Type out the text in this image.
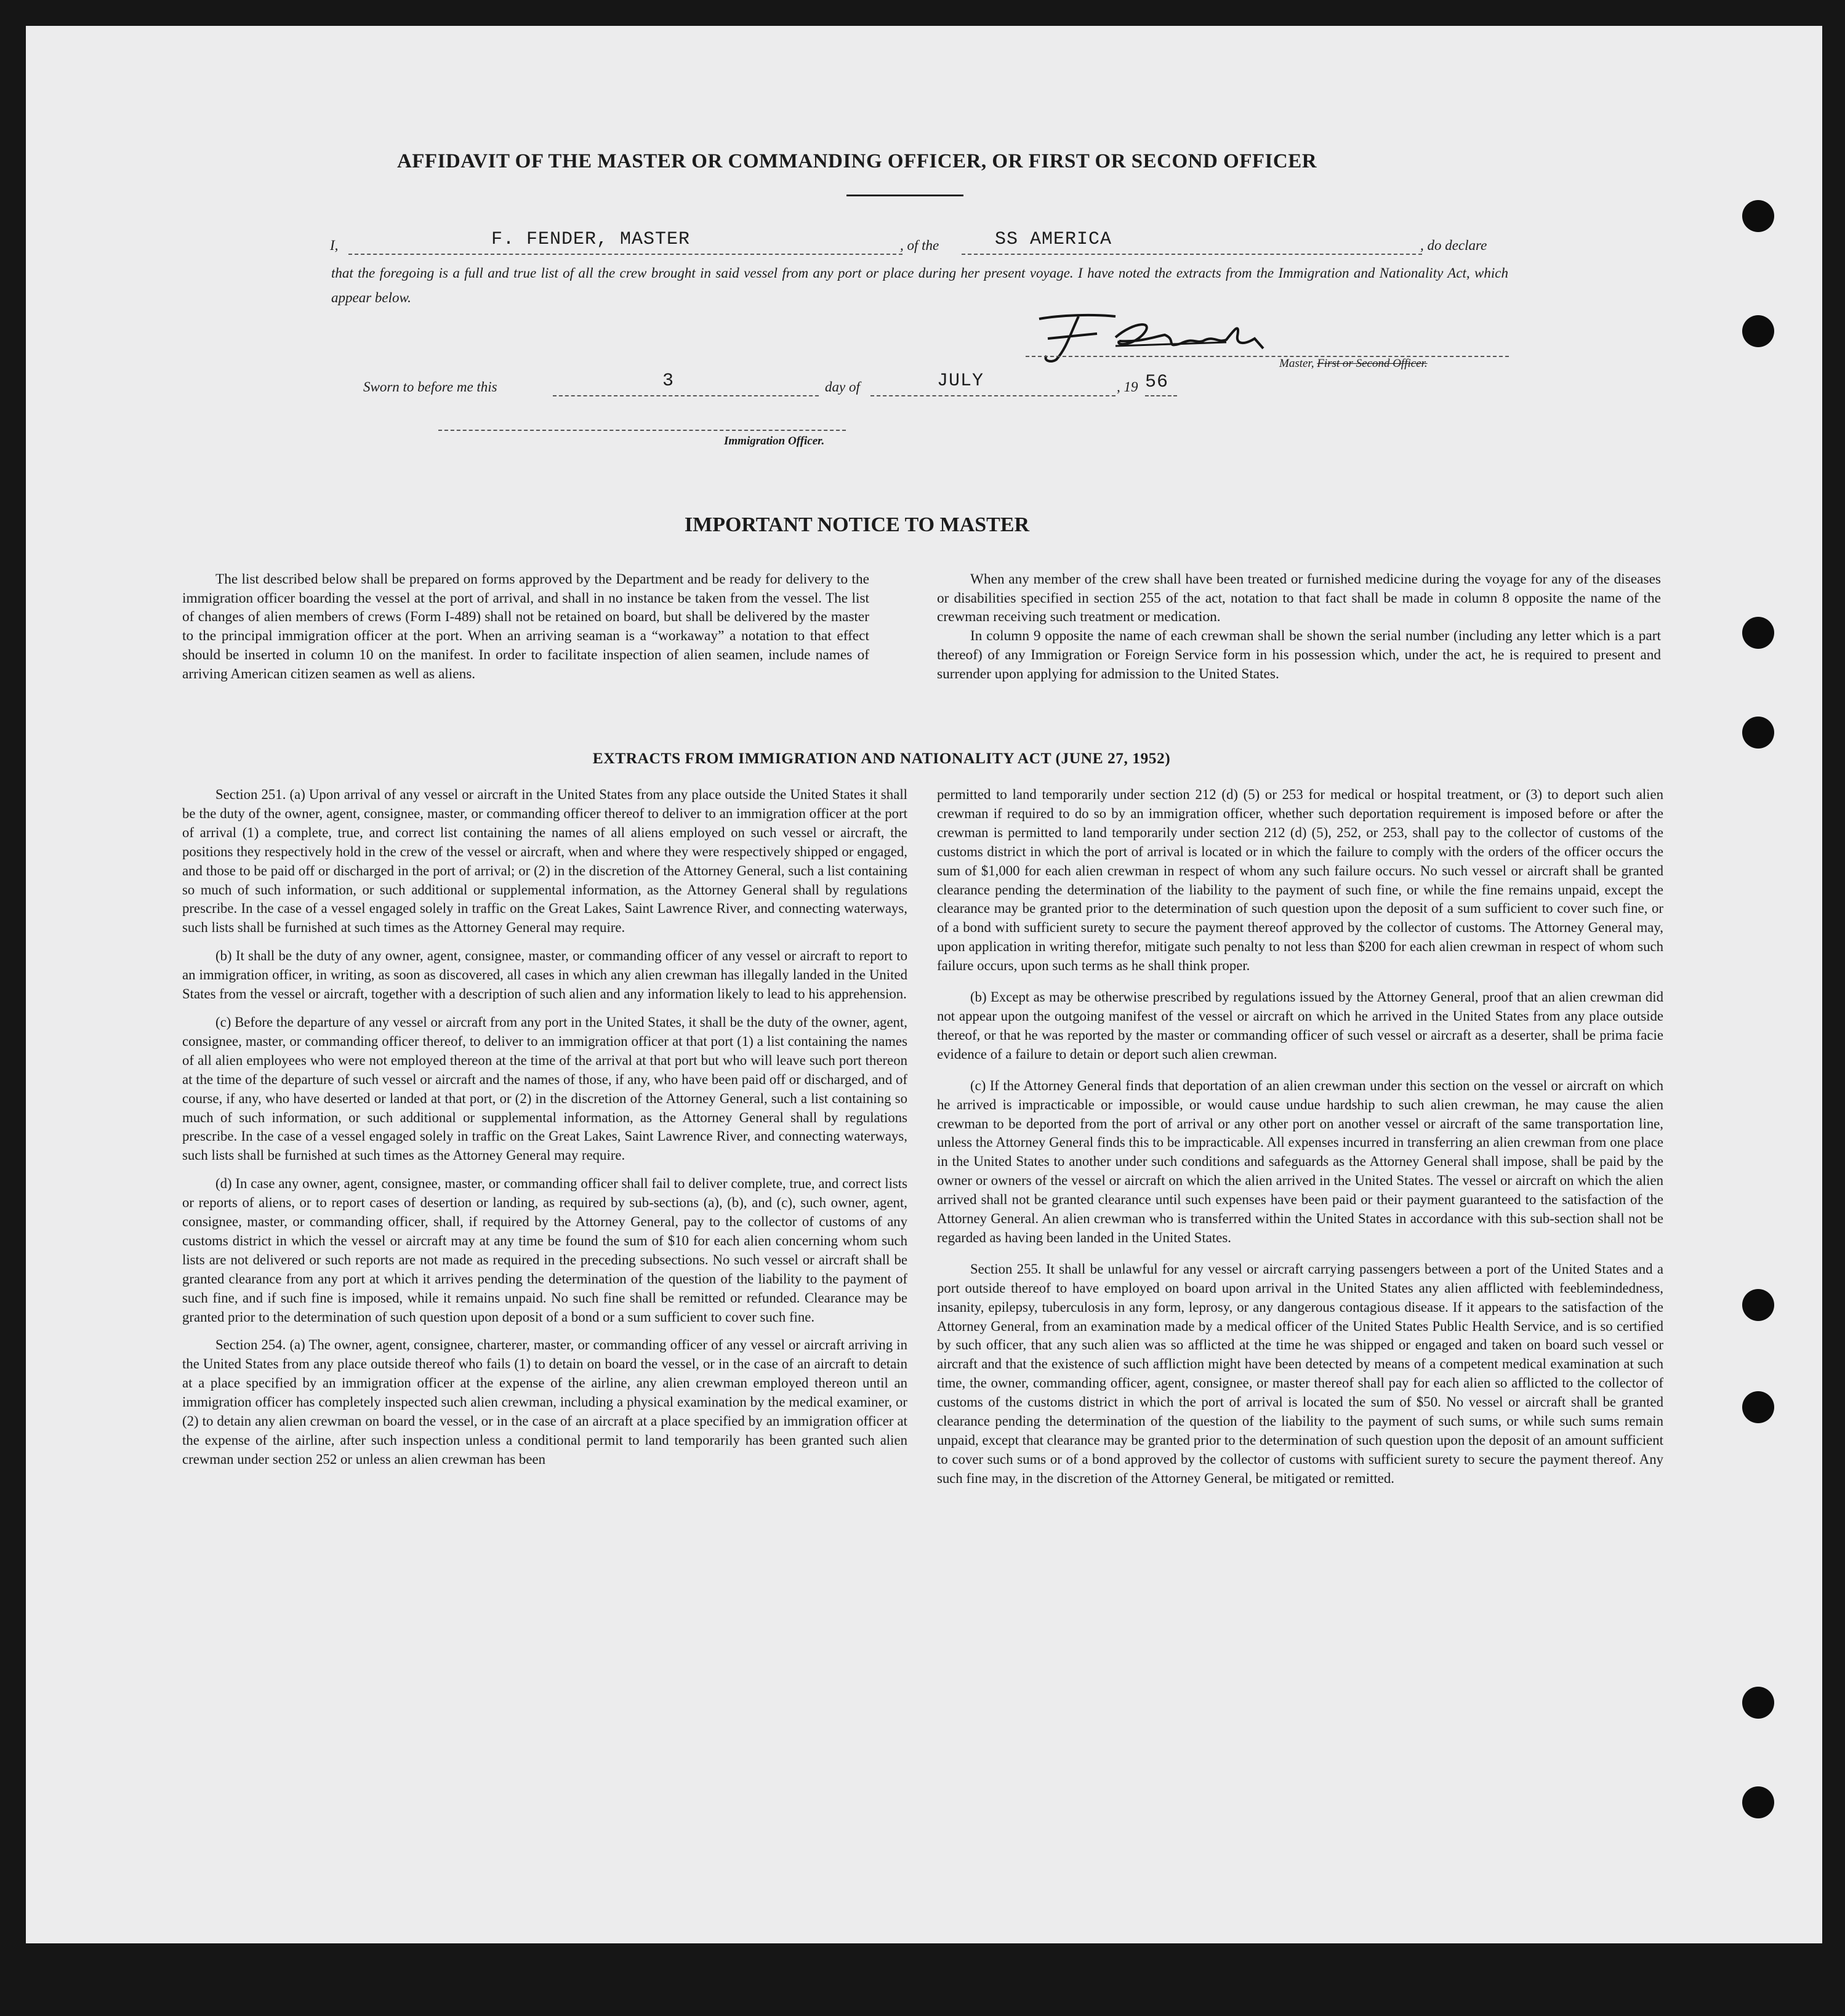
AFFIDAVIT OF THE MASTER OR COMMANDING OFFICER, OR FIRST OR SECOND OFFICER
I,	F. FENDER, MASTER	, of the	SS AMERICA	, do declare
that the foregoing is a full and true list of all the crew brought in said vessel from any port or place during her present voyage. I have noted the extracts from the Immigration and Nationality Act, which appear below.
Master, First or Second Officer.
Sworn to before me this	3	day of	JULY	, 19 56
Immigration Officer.
IMPORTANT NOTICE TO MASTER

The list described below shall be prepared on forms approved by the Department and be ready for delivery to the immigration officer boarding the vessel at the port of arrival, and shall in no instance be taken from the vessel. The list of changes of alien members of crews (Form I-489) shall not be retained on board, but shall be delivered by the master to the principal immigration officer at the port. When an arriving seaman is a “workaway” a notation to that effect should be inserted in column 10 on the manifest. In order to facilitate inspection of alien seamen, include names of arriving American citizen seamen as well as aliens.

When any member of the crew shall have been treated or furnished medicine during the voyage for any of the diseases or disabilities specified in section 255 of the act, notation to that fact shall be made in column 8 opposite the name of the crewman receiving such treatment or medication.

In column 9 opposite the name of each crewman shall be shown the serial number (including any letter which is a part thereof) of any Immigration or Foreign Service form in his possession which, under the act, he is required to present and surrender upon applying for admission to the United States.

EXTRACTS FROM IMMIGRATION AND NATIONALITY ACT (JUNE 27, 1952)

Section 251. (a) Upon arrival of any vessel or aircraft in the United States from any place outside the United States it shall be the duty of the owner, agent, consignee, master, or commanding officer thereof to deliver to an immigration officer at the port of arrival (1) a complete, true, and correct list containing the names of all aliens employed on such vessel or aircraft, the positions they respectively hold in the crew of the vessel or aircraft, when and where they were respectively shipped or engaged, and those to be paid off or discharged in the port of arrival; or (2) in the discretion of the Attorney General, such a list containing so much of such information, or such additional or supplemental information, as the Attorney General shall by regulations prescribe. In the case of a vessel engaged solely in traffic on the Great Lakes, Saint Lawrence River, and connecting waterways, such lists shall be furnished at such times as the Attorney General may require.

(b) It shall be the duty of any owner, agent, consignee, master, or commanding officer of any vessel or aircraft to report to an immigration officer, in writing, as soon as discovered, all cases in which any alien crewman has illegally landed in the United States from the vessel or aircraft, together with a description of such alien and any information likely to lead to his apprehension.

(c) Before the departure of any vessel or aircraft from any port in the United States, it shall be the duty of the owner, agent, consignee, master, or commanding officer thereof, to deliver to an immigration officer at that port (1) a list containing the names of all alien employees who were not employed thereon at the time of the arrival at that port but who will leave such port thereon at the time of the departure of such vessel or aircraft and the names of those, if any, who have been paid off or discharged, and of course, if any, who have deserted or landed at that port, or (2) in the discretion of the Attorney General, such a list containing so much of such information, or such additional or supplemental information, as the Attorney General shall by regulations prescribe. In the case of a vessel engaged solely in traffic on the Great Lakes, Saint Lawrence River, and connecting waterways, such lists shall be furnished at such times as the Attorney General may require.

(d) In case any owner, agent, consignee, master, or commanding officer shall fail to deliver complete, true, and correct lists or reports of aliens, or to report cases of desertion or landing, as required by sub-sections (a), (b), and (c), such owner, agent, consignee, master, or commanding officer, shall, if required by the Attorney General, pay to the collector of customs of any customs district in which the vessel or aircraft may at any time be found the sum of $10 for each alien concerning whom such lists are not delivered or such reports are not made as required in the preceding subsections. No such vessel or aircraft shall be granted clearance from any port at which it arrives pending the determination of the question of the liability to the payment of such fine, and if such fine is imposed, while it remains unpaid. No such fine shall be remitted or refunded. Clearance may be granted prior to the determination of such question upon deposit of a bond or a sum sufficient to cover such fine.

Section 254. (a) The owner, agent, consignee, charterer, master, or commanding officer of any vessel or aircraft arriving in the United States from any place outside thereof who fails (1) to detain on board the vessel, or in the case of an aircraft to detain at a place specified by an immigration officer at the expense of the airline, any alien crewman employed thereon until an immigration officer has completely inspected such alien crewman, including a physical examination by the medical examiner, or (2) to detain any alien crewman on board the vessel, or in the case of an aircraft at a place specified by an immigration officer at the expense of the airline, after such inspection unless a conditional permit to land temporarily has been granted such alien crewman under section 252 or unless an alien crewman has been

permitted to land temporarily under section 212 (d) (5) or 253 for medical or hospital treatment, or (3) to deport such alien crewman if required to do so by an immigration officer, whether such deportation requirement is imposed before or after the crewman is permitted to land temporarily under section 212 (d) (5), 252, or 253, shall pay to the collector of customs of the customs district in which the port of arrival is located or in which the failure to comply with the orders of the officer occurs the sum of $1,000 for each alien crewman in respect of whom any such failure occurs. No such vessel or aircraft shall be granted clearance pending the determination of the liability to the payment of such fine, or while the fine remains unpaid, except the clearance may be granted prior to the determination of such question upon the deposit of a sum sufficient to cover such fine, or of a bond with sufficient surety to secure the payment thereof approved by the collector of customs. The Attorney General may, upon application in writing therefor, mitigate such penalty to not less than $200 for each alien crewman in respect of whom such failure occurs, upon such terms as he shall think proper.

(b) Except as may be otherwise prescribed by regulations issued by the Attorney General, proof that an alien crewman did not appear upon the outgoing manifest of the vessel or aircraft on which he arrived in the United States from any place outside thereof, or that he was reported by the master or commanding officer of such vessel or aircraft as a deserter, shall be prima facie evidence of a failure to detain or deport such alien crewman.

(c) If the Attorney General finds that deportation of an alien crewman under this section on the vessel or aircraft on which he arrived is impracticable or impossible, or would cause undue hardship to such alien crewman, he may cause the alien crewman to be deported from the port of arrival or any other port on another vessel or aircraft of the same transportation line, unless the Attorney General finds this to be impracticable. All expenses incurred in transferring an alien crewman from one place in the United States to another under such conditions and safeguards as the Attorney General shall impose, shall be paid by the owner or owners of the vessel or aircraft on which the alien arrived in the United States. The vessel or aircraft on which the alien arrived shall not be granted clearance until such expenses have been paid or their payment guaranteed to the satisfaction of the Attorney General. An alien crewman who is transferred within the United States in accordance with this sub-section shall not be regarded as having been landed in the United States.

Section 255. It shall be unlawful for any vessel or aircraft carrying passengers between a port of the United States and a port outside thereof to have employed on board upon arrival in the United States any alien afflicted with feeblemindedness, insanity, epilepsy, tuberculosis in any form, leprosy, or any dangerous contagious disease. If it appears to the satisfaction of the Attorney General, from an examination made by a medical officer of the United States Public Health Service, and is so certified by such officer, that any such alien was so afflicted at the time he was shipped or engaged and taken on board such vessel or aircraft and that the existence of such affliction might have been detected by means of a competent medical examination at such time, the owner, commanding officer, agent, consignee, or master thereof shall pay for each alien so afflicted to the collector of customs of the customs district in which the port of arrival is located the sum of $50. No vessel or aircraft shall be granted clearance pending the determination of the question of the liability to the payment of such sums, or while such sums remain unpaid, except that clearance may be granted prior to the determination of such question upon the deposit of an amount sufficient to cover such sums or of a bond approved by the collector of customs with sufficient surety to secure the payment thereof. Any such fine may, in the discretion of the Attorney General, be mitigated or remitted.
